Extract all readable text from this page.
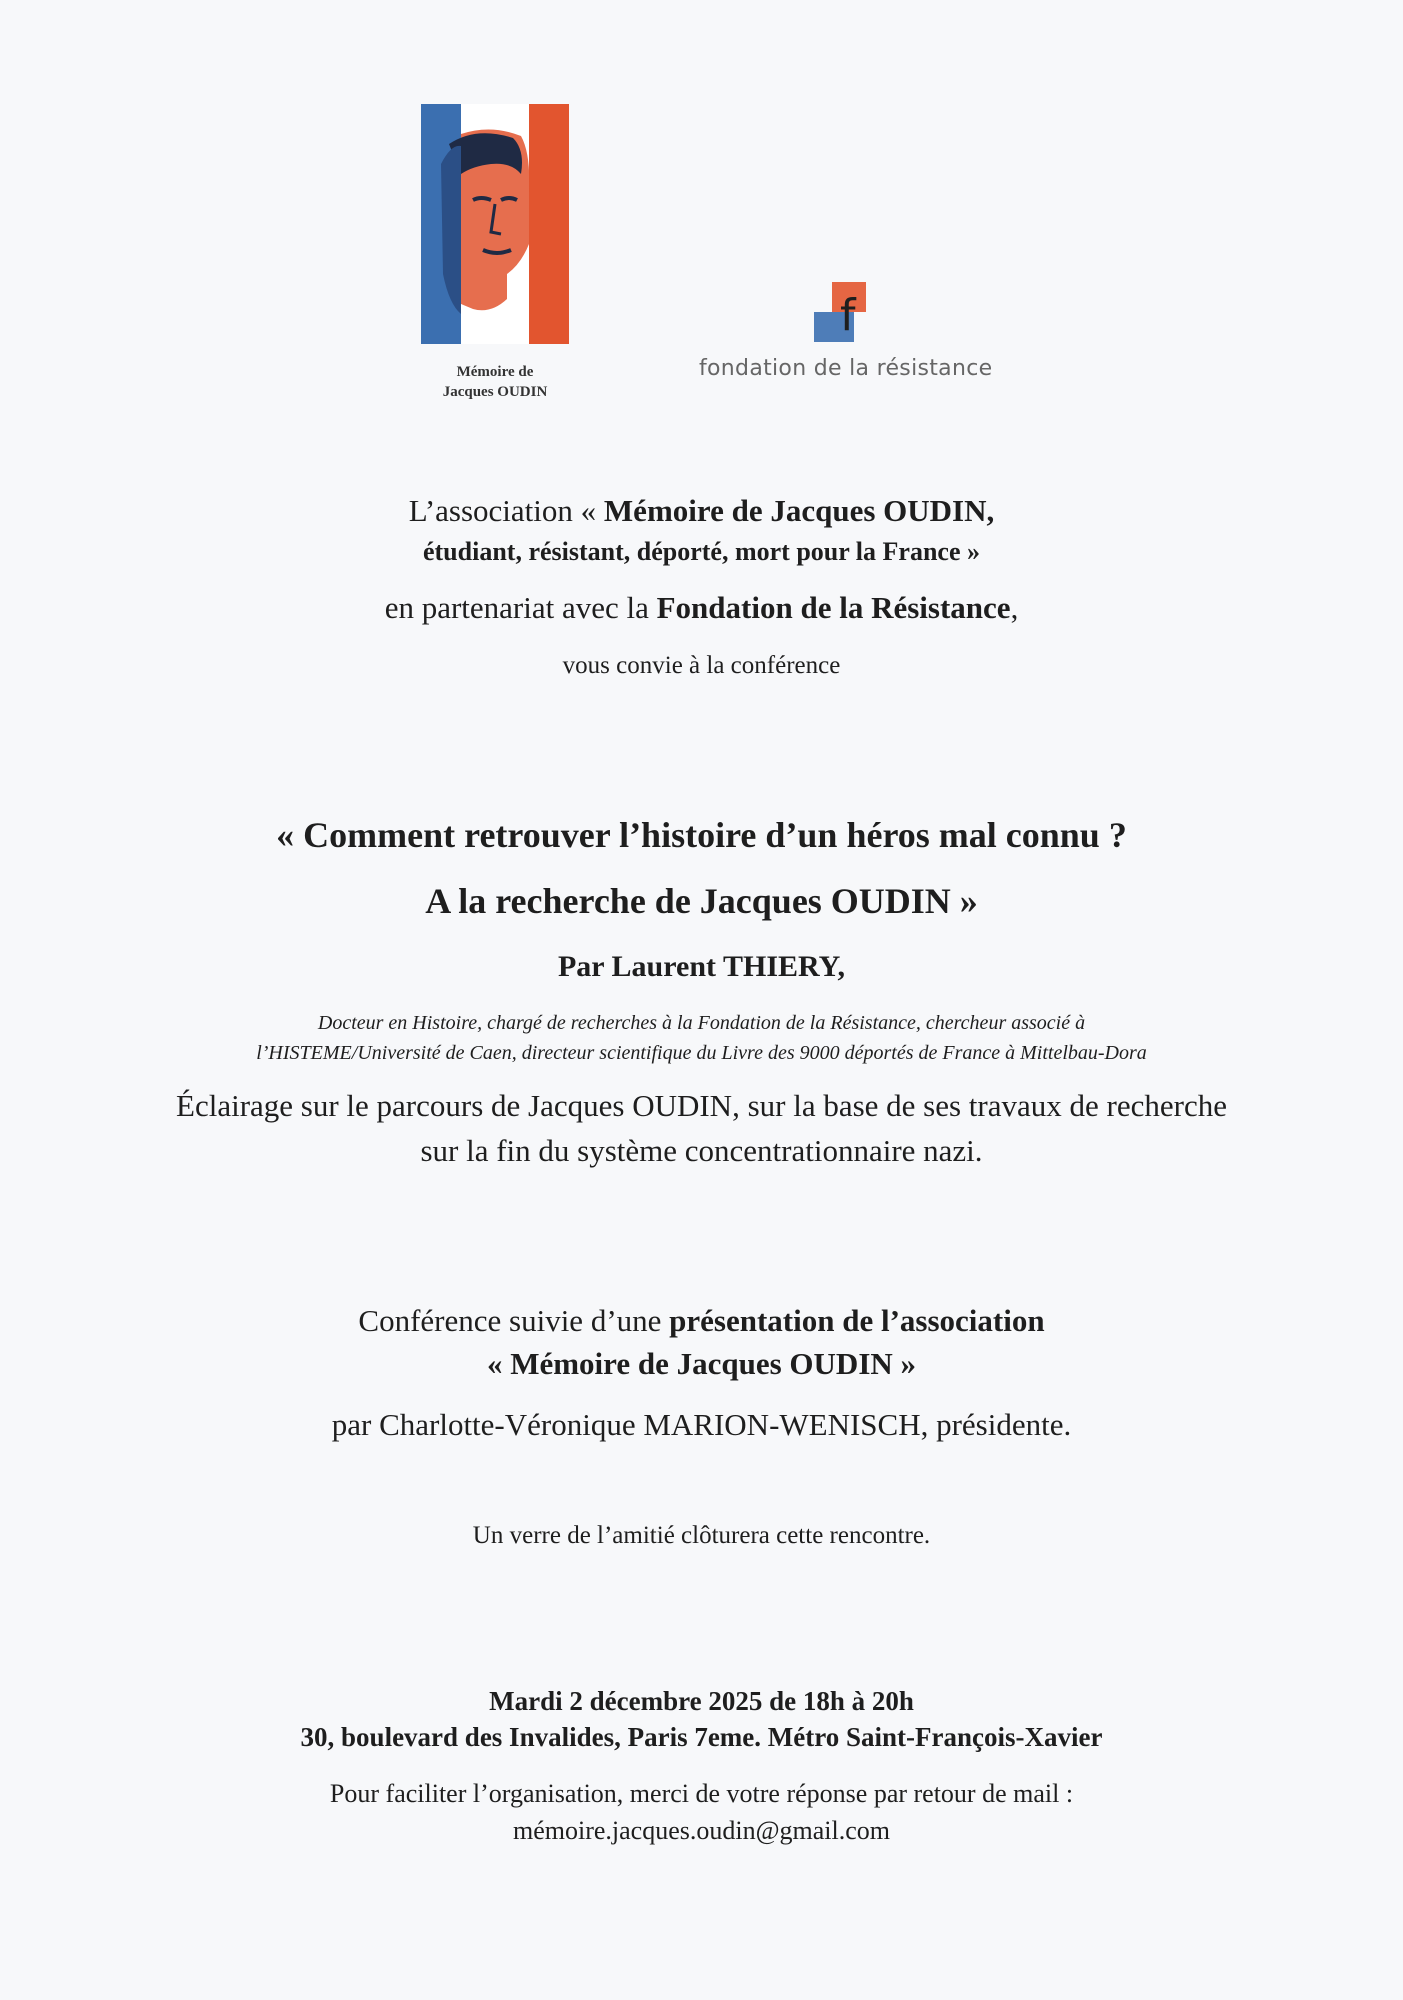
Mémoire de
Jacques OUDIN
f
fondation de la résistance
L’association « Mémoire de Jacques OUDIN,
étudiant, résistant, déporté, mort pour la France »
en partenariat avec la Fondation de la Résistance,
vous convie à la conférence
« Comment retrouver l’histoire d’un héros mal connu ?
A la recherche de Jacques OUDIN »
Par Laurent THIERY,
Docteur en Histoire, chargé de recherches à la Fondation de la Résistance, chercheur associé à
l’HISTEME/Université de Caen, directeur scientifique du Livre des 9000 déportés de France à Mittelbau-Dora
Éclairage sur le parcours de Jacques OUDIN, sur la base de ses travaux de recherche
sur la fin du système concentrationnaire nazi.
Conférence suivie d’une présentation de l’association
« Mémoire de Jacques OUDIN »
par Charlotte-Véronique MARION-WENISCH, présidente.
Un verre de l’amitié clôturera cette rencontre.
Mardi 2 décembre 2025 de 18h à 20h
30, boulevard des Invalides, Paris 7eme. Métro Saint-François-Xavier
Pour faciliter l’organisation, merci de votre réponse par retour de mail :
mémoire.jacques.oudin@gmail.com
